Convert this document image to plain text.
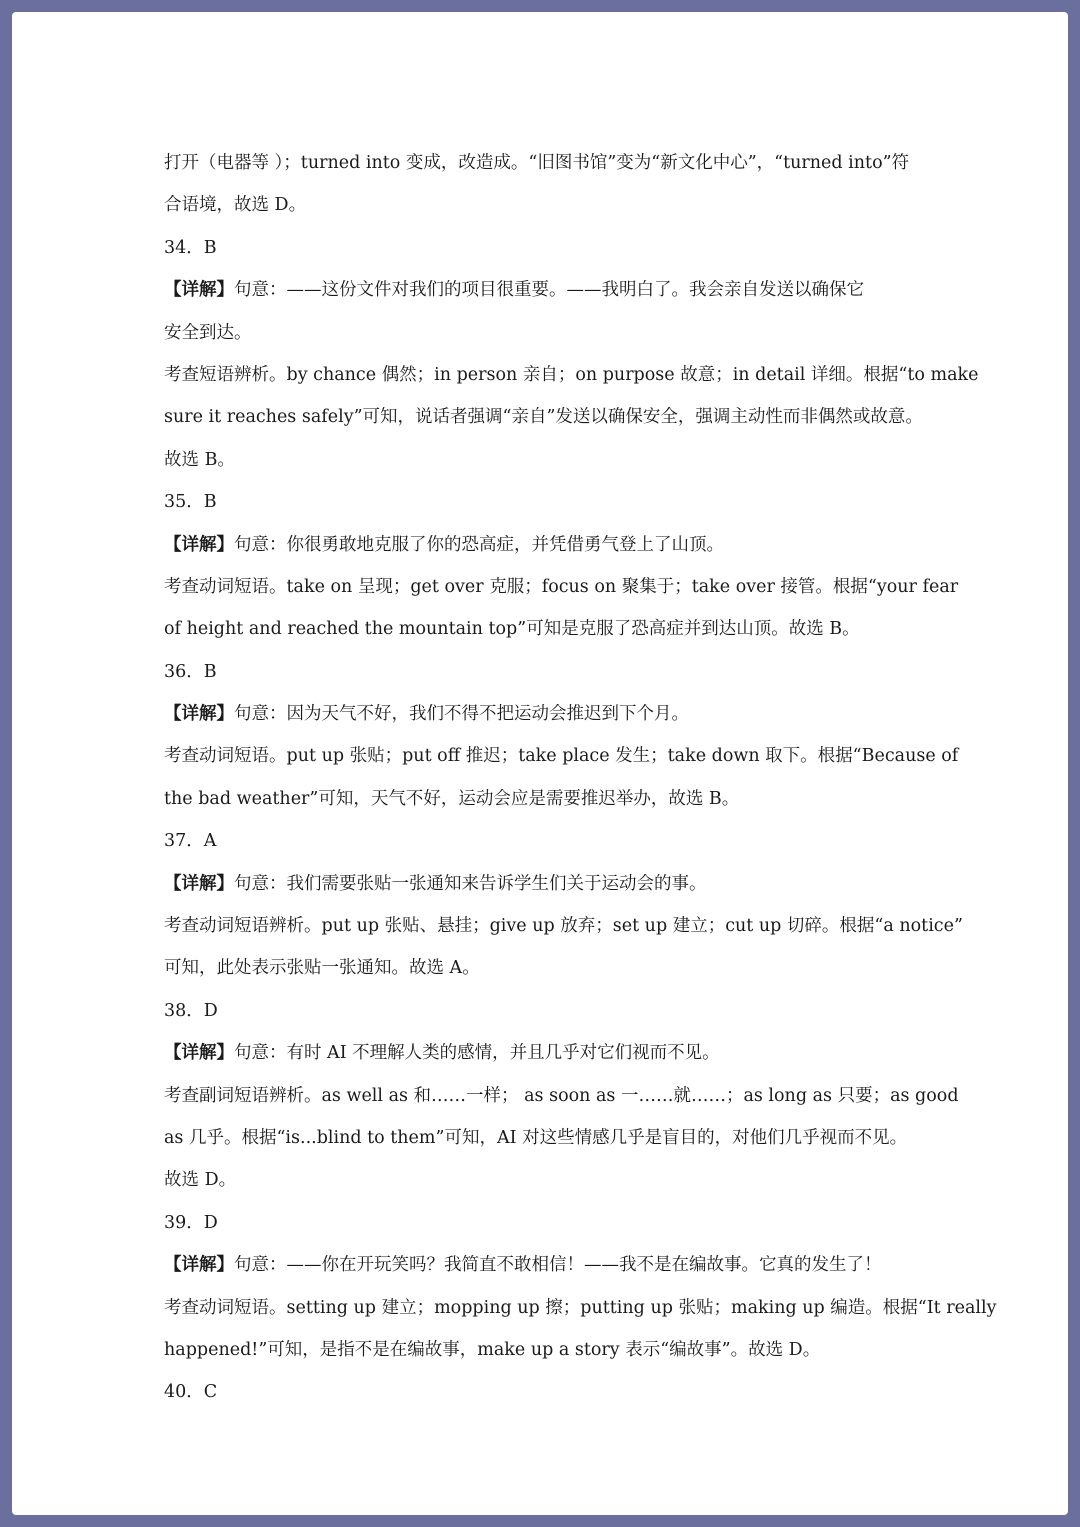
打开（电器等 ）；turned into 变成，改造成。“旧图书馆”变为“新文化中心”，“turned into”符
合语境，故选 D。
34．B
【详解】句意：——这份文件对我们的项目很重要。——我明白了。我会亲自发送以确保它
安全到达。
考查短语辨析。by chance 偶然；in person 亲自；on purpose 故意；in detail 详细。根据“to make
sure it reaches safely”可知，说话者强调“亲自”发送以确保安全，强调主动性而非偶然或故意。
故选 B。
35．B
【详解】句意：你很勇敢地克服了你的恐高症，并凭借勇气登上了山顶。
考查动词短语。take on 呈现；get over 克服；focus on 聚集于；take over 接管。根据“your fear
of height and reached the mountain top”可知是克服了恐高症并到达山顶。故选 B。
36．B
【详解】句意：因为天气不好，我们不得不把运动会推迟到下个月。
考查动词短语。put up 张贴；put off 推迟；take place 发生；take down 取下。根据“Because of
the bad weather”可知，天气不好，运动会应是需要推迟举办，故选 B。
37．A
【详解】句意：我们需要张贴一张通知来告诉学生们关于运动会的事。
考查动词短语辨析。put up 张贴、悬挂；give up 放弃；set up 建立；cut up 切碎。根据“a notice”
可知，此处表示张贴一张通知。故选 A。
38．D
【详解】句意：有时 AI 不理解人类的感情，并且几乎对它们视而不见。
考查副词短语辨析。as well as 和……一样； as soon as 一……就……；as long as 只要；as good
as 几乎。根据“is...blind to them”可知，AI 对这些情感几乎是盲目的，对他们几乎视而不见。
故选 D。
39．D
【详解】句意：——你在开玩笑吗？我简直不敢相信！——我不是在编故事。它真的发生了！
考查动词短语。setting up 建立；mopping up 擦；putting up 张贴；making up 编造。根据“It really
happened!”可知，是指不是在编故事，make up a story 表示“编故事”。故选 D。
40．C
